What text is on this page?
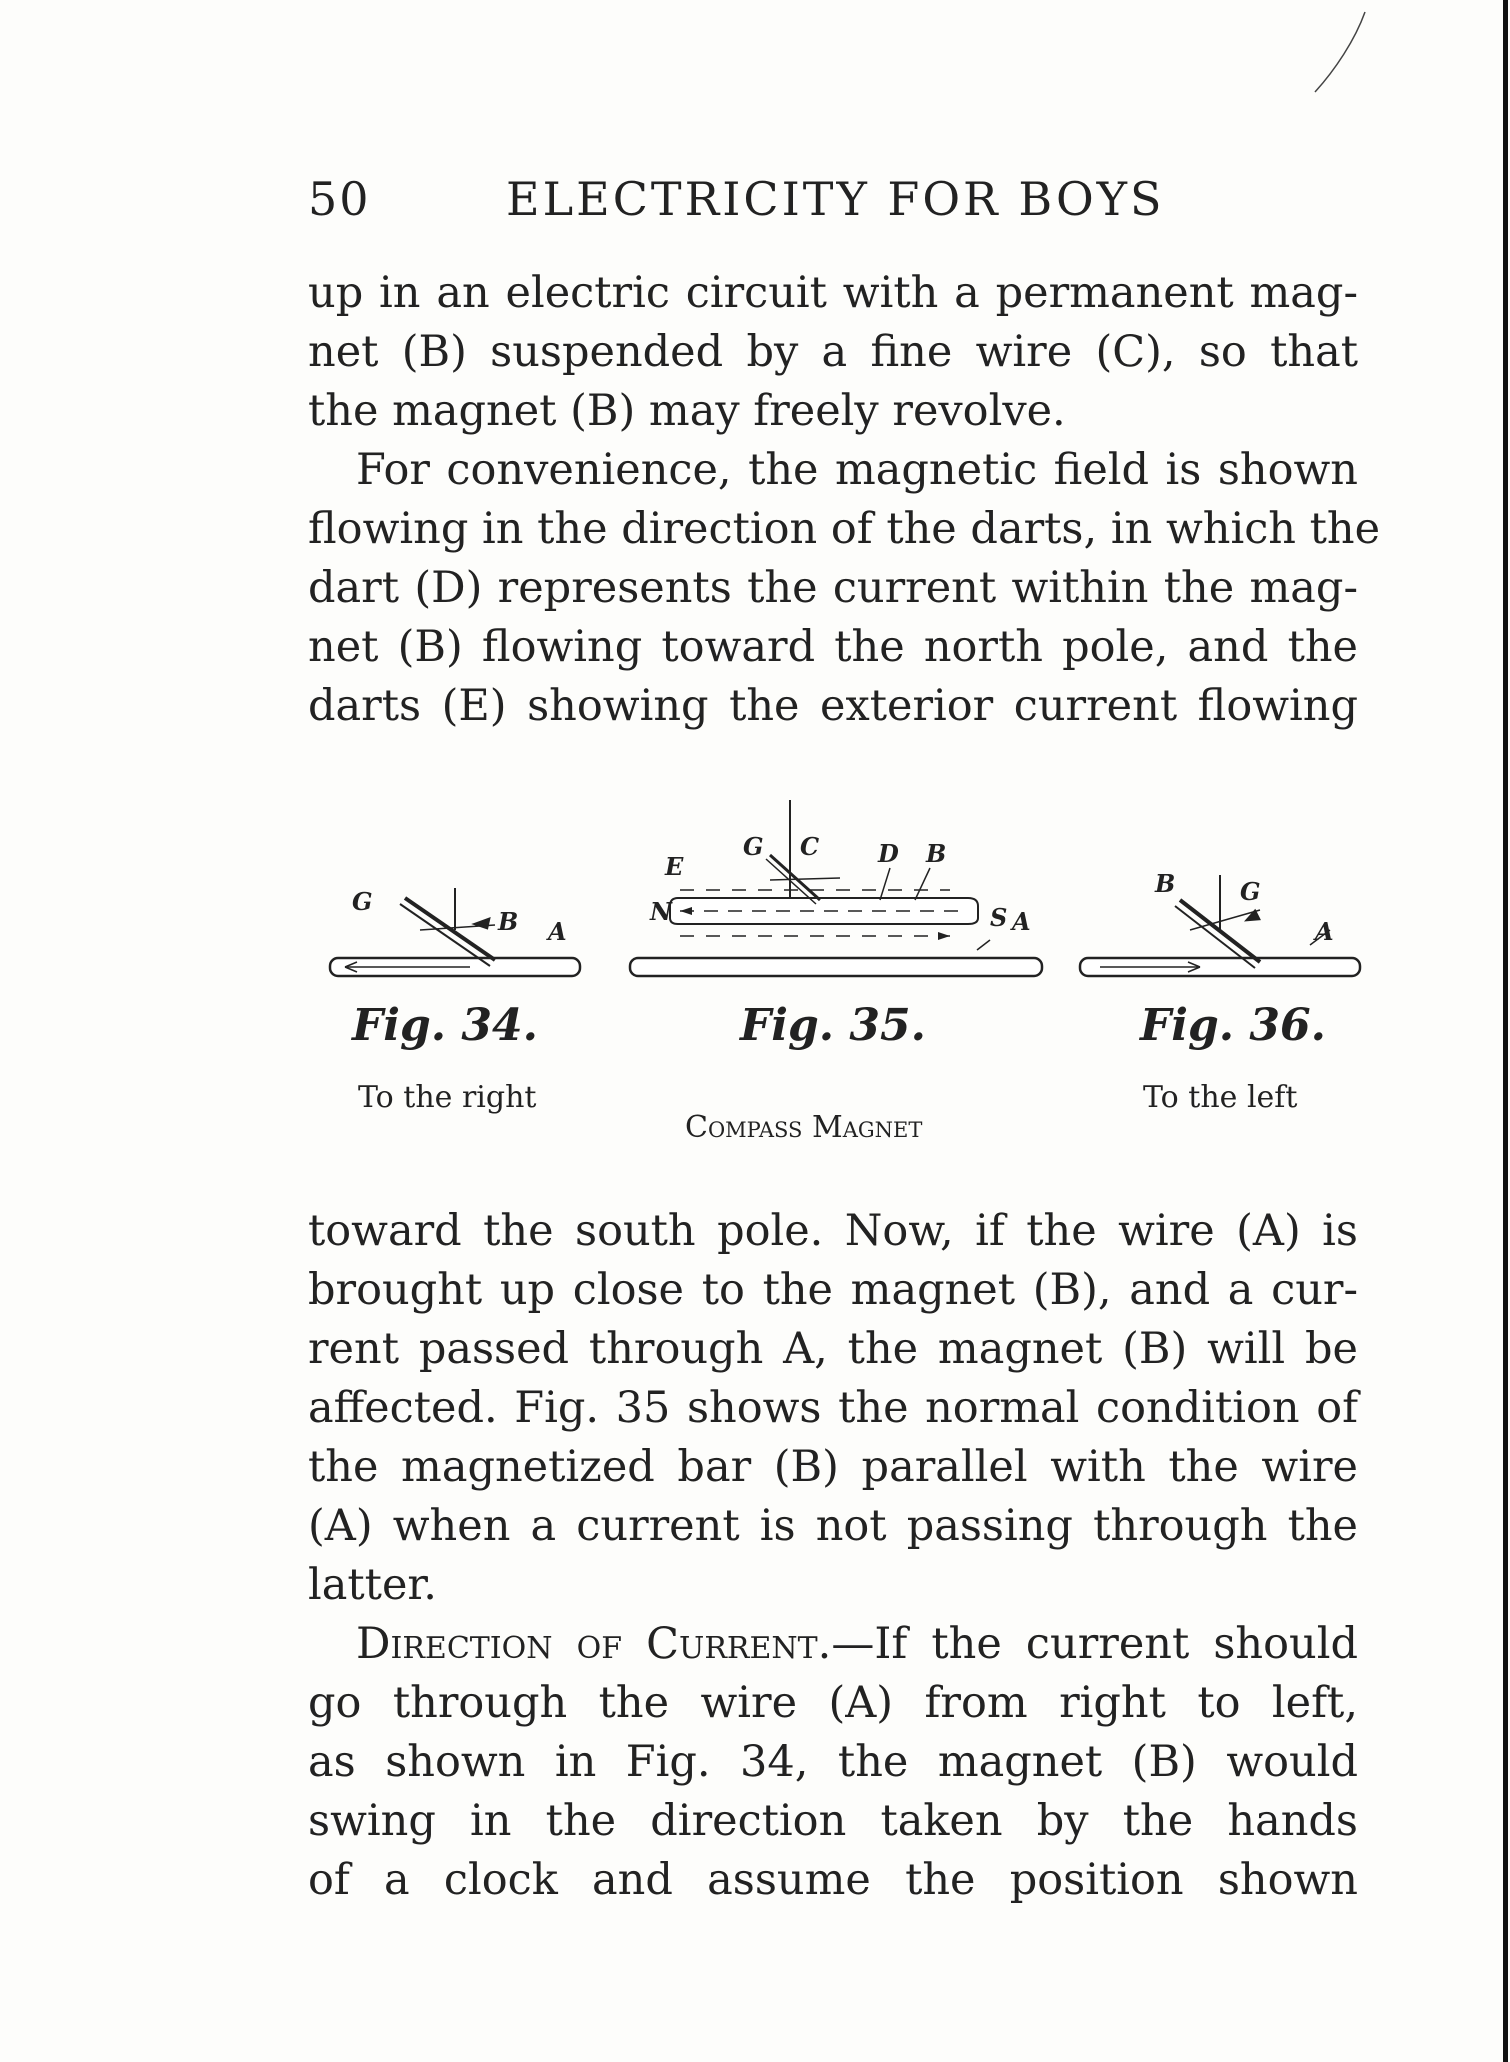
50	ELECTRICITY FOR BOYS
up in an electric circuit with a permanent mag-
net (B) suspended by a fine wire (C), so that
the magnet (B) may freely revolve.
For convenience, the magnetic field is shown
flowing in the direction of the darts, in which the
dart (D) represents the current within the mag-
net (B) flowing toward the north pole, and the
darts (E) showing the exterior current flowing
G
B A
E
G C D B
N	S A
B	G
A
Fig. 34.
To the right
Fig. 35.
Compass Magnet
Fig. 36.
To the left
toward the south pole. Now, if the wire (A) is
brought up close to the magnet (B), and a cur-
rent passed through A, the magnet (B) will be
affected. Fig. 35 shows the normal condition of
the magnetized bar (B) parallel with the wire
(A) when a current is not passing through the
latter.
Direction of Current.—If the current should
go through the wire (A) from right to left,
as shown in Fig. 34, the magnet (B) would
swing in the direction taken by the hands
of a clock and assume the position shown
